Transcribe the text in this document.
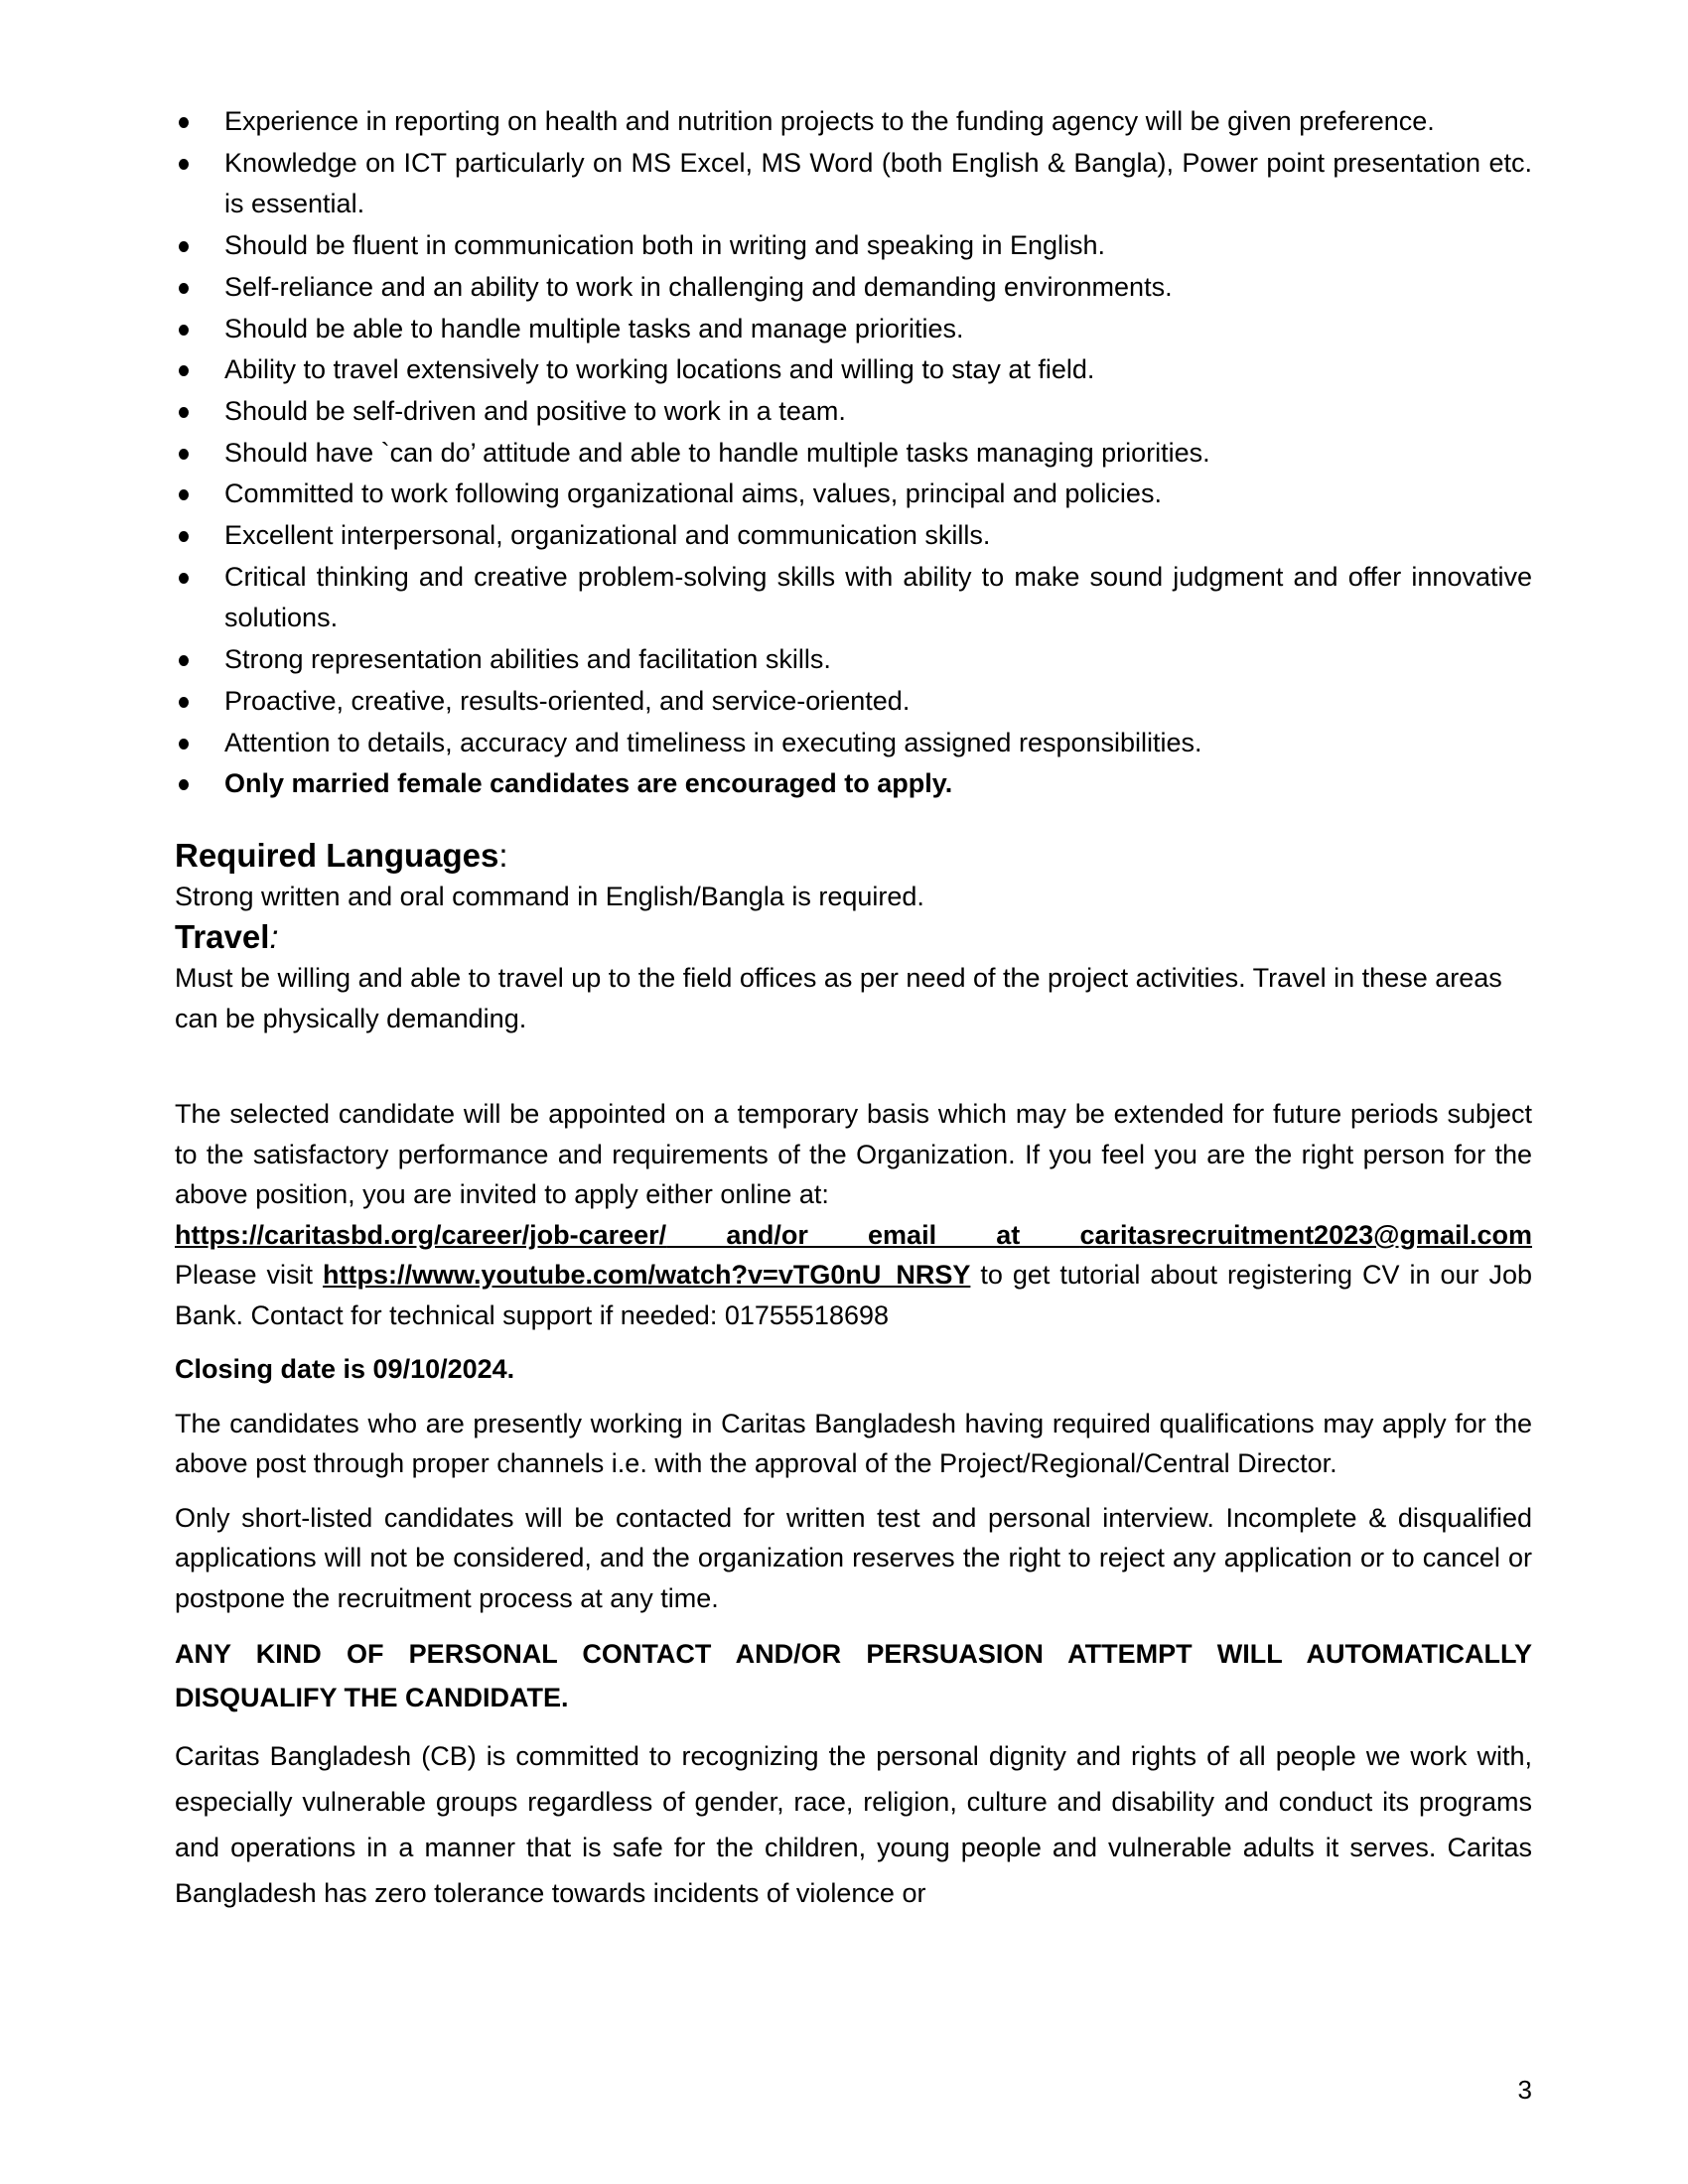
Experience in reporting on health and nutrition projects to the funding agency will be given preference.
Knowledge on ICT particularly on MS Excel, MS Word (both English & Bangla), Power point presentation etc. is essential.
Should be fluent in communication both in writing and speaking in English.
Self-reliance and an ability to work in challenging and demanding environments.
Should be able to handle multiple tasks and manage priorities.
Ability to travel extensively to working locations and willing to stay at field.
Should be self-driven and positive to work in a team.
Should have `can do’ attitude and able to handle multiple tasks managing priorities.
Committed to work following organizational aims, values, principal and policies.
Excellent interpersonal, organizational and communication skills.
Critical thinking and creative problem-solving skills with ability to make sound judgment and offer innovative solutions.
Strong representation abilities and facilitation skills.
Proactive, creative, results-oriented, and service-oriented.
Attention to details, accuracy and timeliness in executing assigned responsibilities.
Only married female candidates are encouraged to apply.
Required Languages:

Strong written and oral command in English/Bangla is required.

Travel:

Must be willing and able to travel up to the field offices as per need of the project activities. Travel in these areas can be physically demanding.

The selected candidate will be appointed on a temporary basis which may be extended for future periods subject to the satisfactory performance and requirements of the Organization. If you feel you are the right person for the above position, you are invited to apply either online at:

https://caritasbd.org/career/job-career/ and/or email at caritasrecruitment2023@gmail.com
Please visit https://www.youtube.com/watch?v=vTG0nU_NRSY to get tutorial about registering CV in our Job Bank. Contact for technical support if needed: 01755518698

Closing date is 09/10/2024.

The candidates who are presently working in Caritas Bangladesh having required qualifications may apply for the above post through proper channels i.e. with the approval of the Project/Regional/Central Director.

Only short-listed candidates will be contacted for written test and personal interview. Incomplete & disqualified applications will not be considered, and the organization reserves the right to reject any application or to cancel or postpone the recruitment process at any time.

ANY KIND OF PERSONAL CONTACT AND/OR PERSUASION ATTEMPT WILL AUTOMATICALLY DISQUALIFY THE CANDIDATE.

Caritas Bangladesh (CB) is committed to recognizing the personal dignity and rights of all people we work with, especially vulnerable groups regardless of gender, race, religion, culture and disability and conduct its programs and operations in a manner that is safe for the children, young people and vulnerable adults it serves. Caritas Bangladesh has zero tolerance towards incidents of violence or

3
